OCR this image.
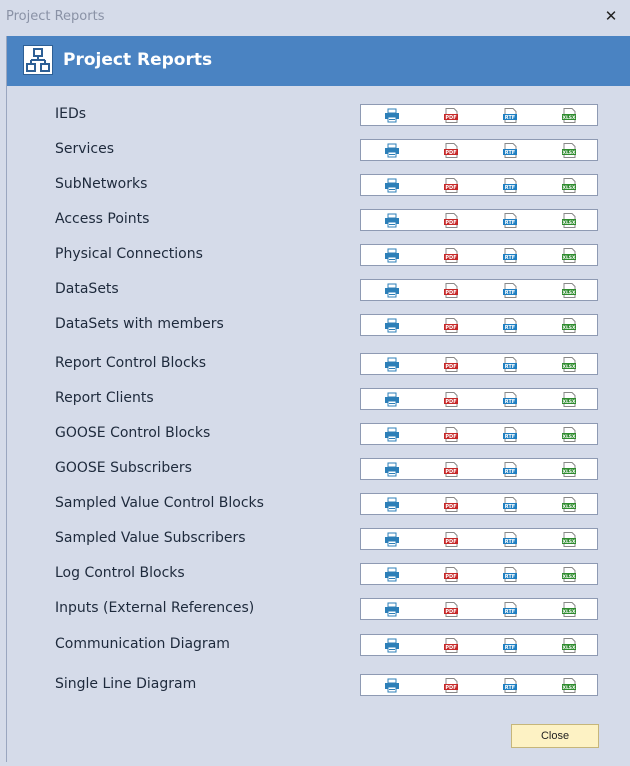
Project Reports	✕
Project Reports
IEDs	PDF	RTF	XLSX
Services	PDF	RTF	XLSX
SubNetworks	PDF	RTF	XLSX
Access Points	PDF	RTF	XLSX
Physical Connections	PDF	RTF	XLSX
DataSets	PDF	RTF	XLSX
DataSets with members	PDF	RTF	XLSX
Report Control Blocks	PDF	RTF	XLSX
Report Clients	PDF	RTF	XLSX
GOOSE Control Blocks	PDF	RTF	XLSX
GOOSE Subscribers	PDF	RTF	XLSX
Sampled Value Control Blocks	PDF	RTF	XLSX
Sampled Value Subscribers	PDF	RTF	XLSX
Log Control Blocks	PDF	RTF	XLSX
Inputs (External References)	PDF	RTF	XLSX
Communication Diagram	PDF	RTF	XLSX
Single Line Diagram	PDF	RTF	XLSX
Close
